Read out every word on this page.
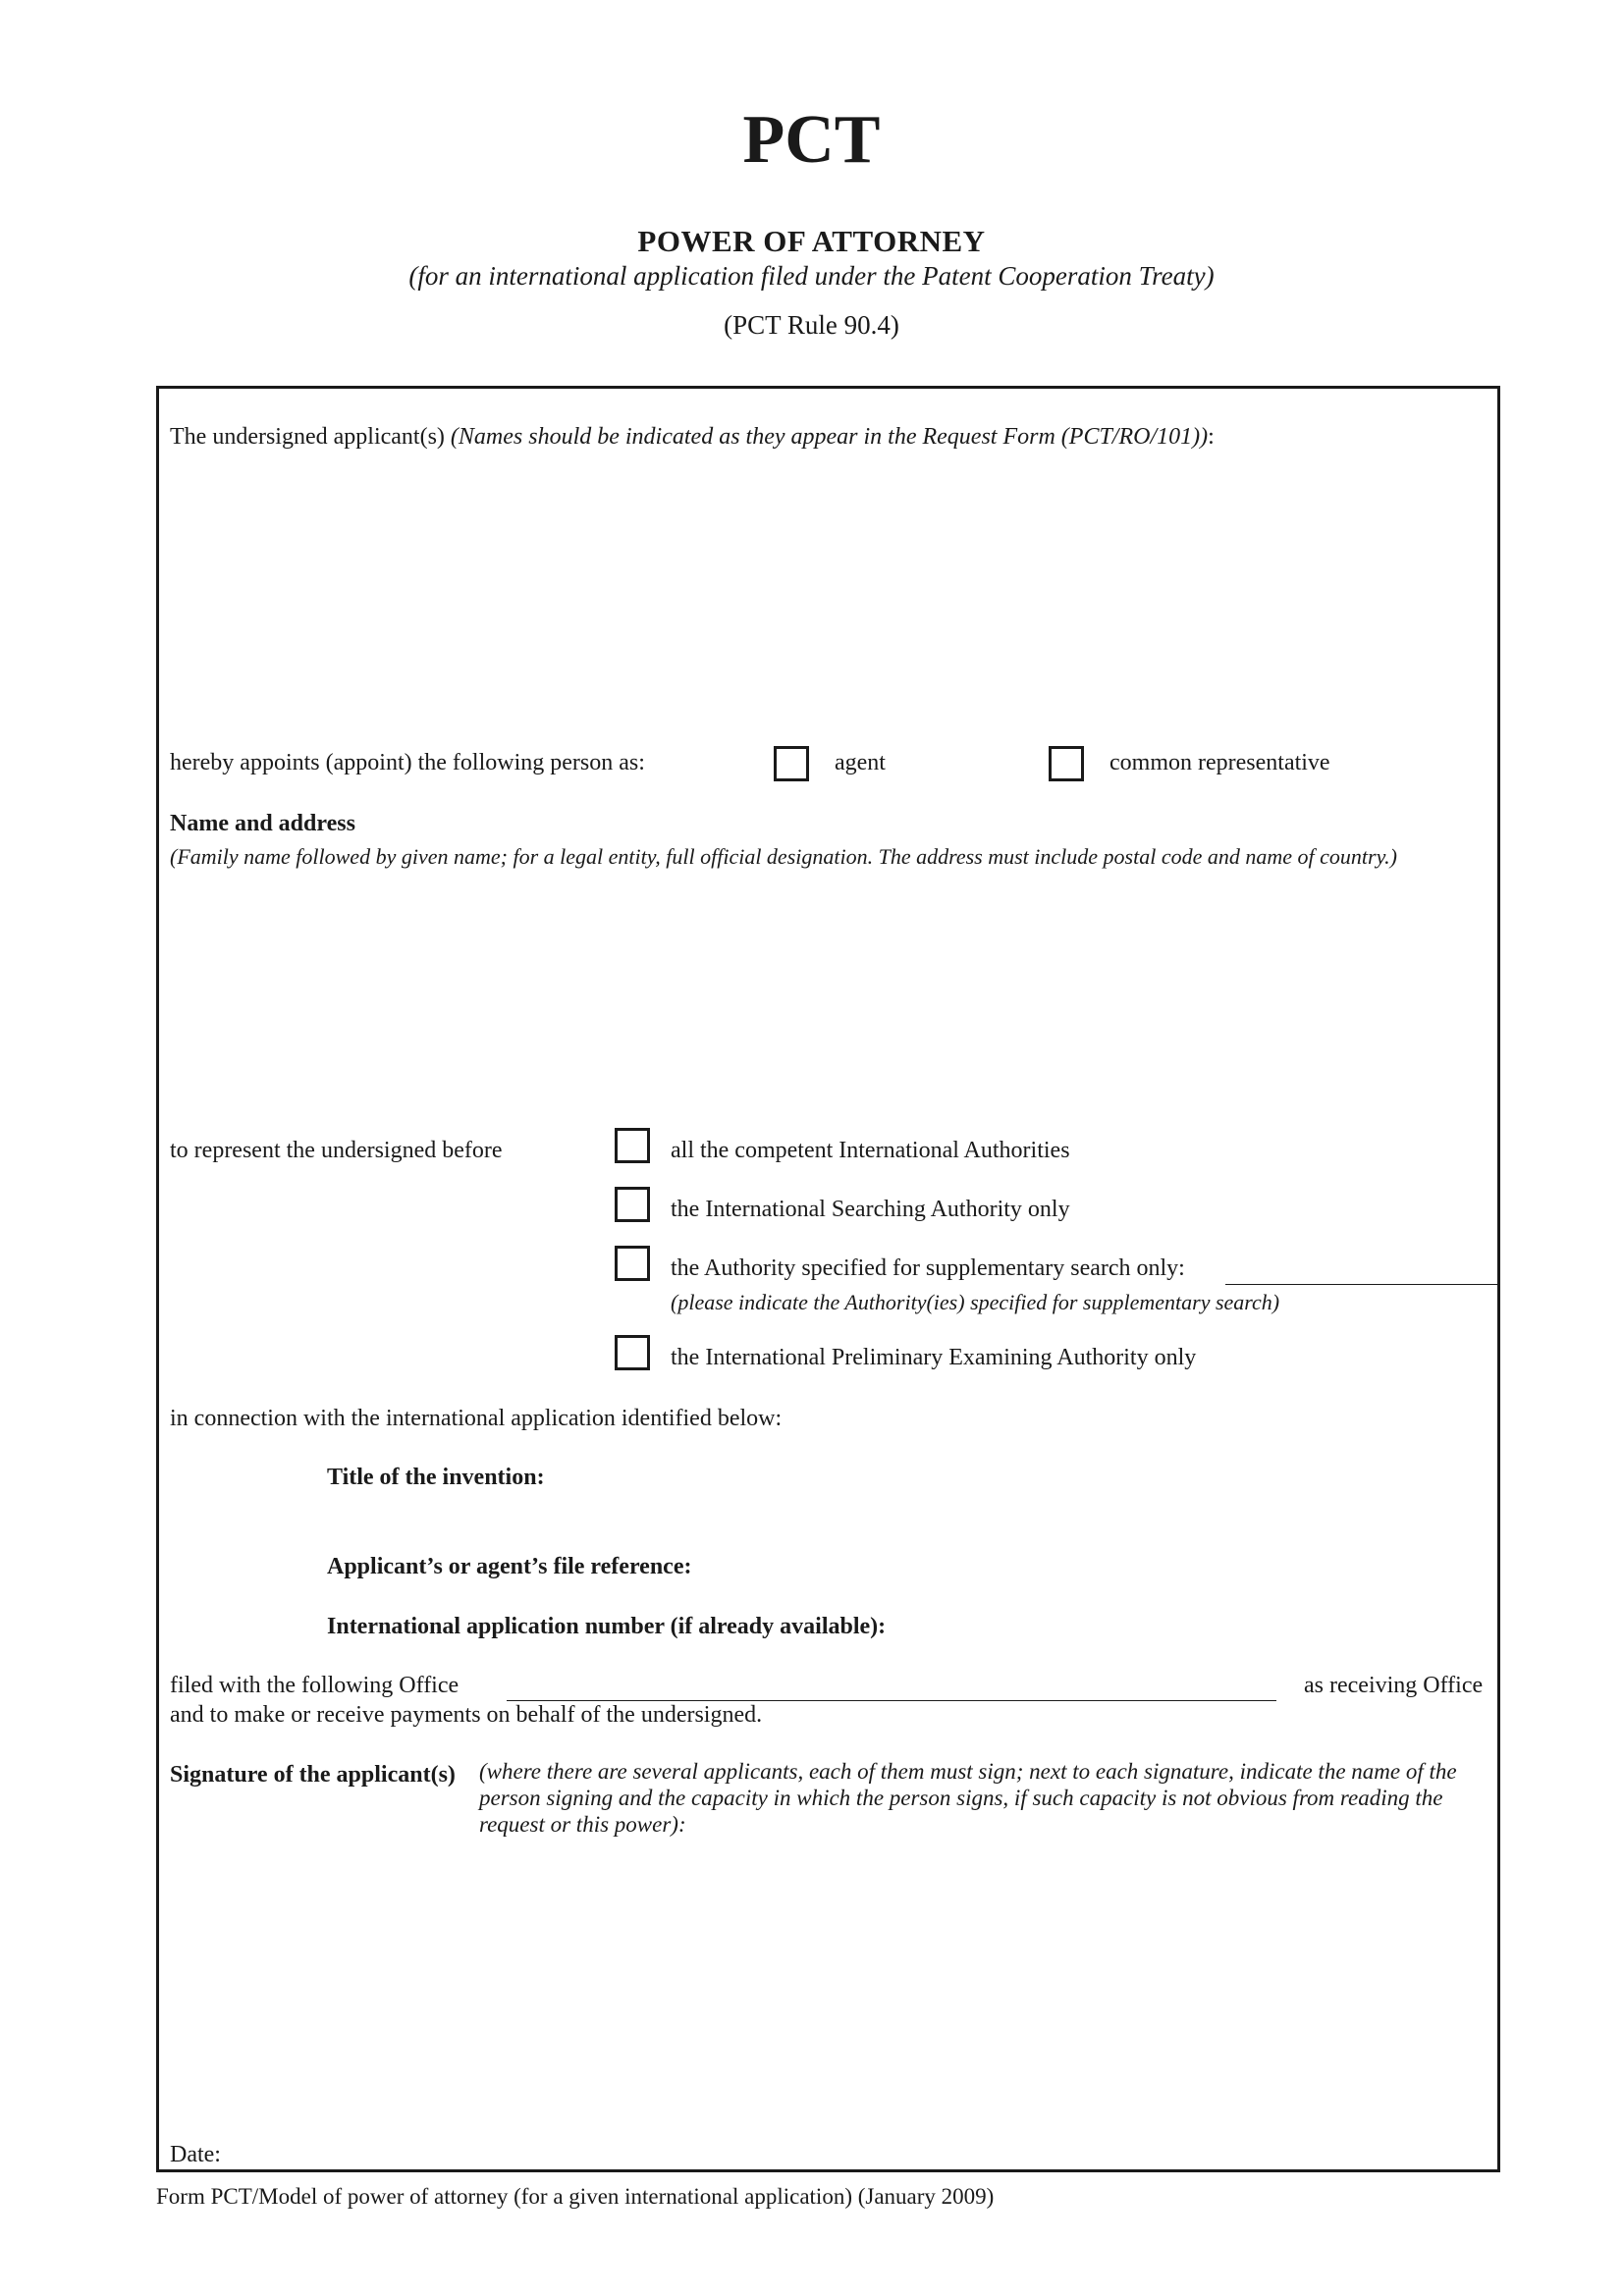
PCT
POWER OF ATTORNEY
(for an international application filed under the Patent Cooperation Treaty)
(PCT Rule 90.4)
The undersigned applicant(s) (Names should be indicated as they appear in the Request Form (PCT/RO/101)):
hereby appoints (appoint) the following person as:	agent	common representative
Name and address
(Family name followed by given name; for a legal entity, full official designation. The address must include postal code and name of country.)
to represent the undersigned before	all the competent International Authorities
the International Searching Authority only
the Authority specified for supplementary search only:
(please indicate the Authority(ies) specified for supplementary search)
the International Preliminary Examining Authority only
in connection with the international application identified below:
Title of the invention:
Applicant’s or agent’s file reference:
International application number (if already available):
filed with the following Office	as receiving Office
and to make or receive payments on behalf of the undersigned.
Signature of the applicant(s) (where there are several applicants, each of them must sign; next to each signature, indicate the name of the person signing and the capacity in which the person signs, if such capacity is not obvious from reading the request or this power):
Date:
Form PCT/Model of power of attorney (for a given international application) (January 2009)
